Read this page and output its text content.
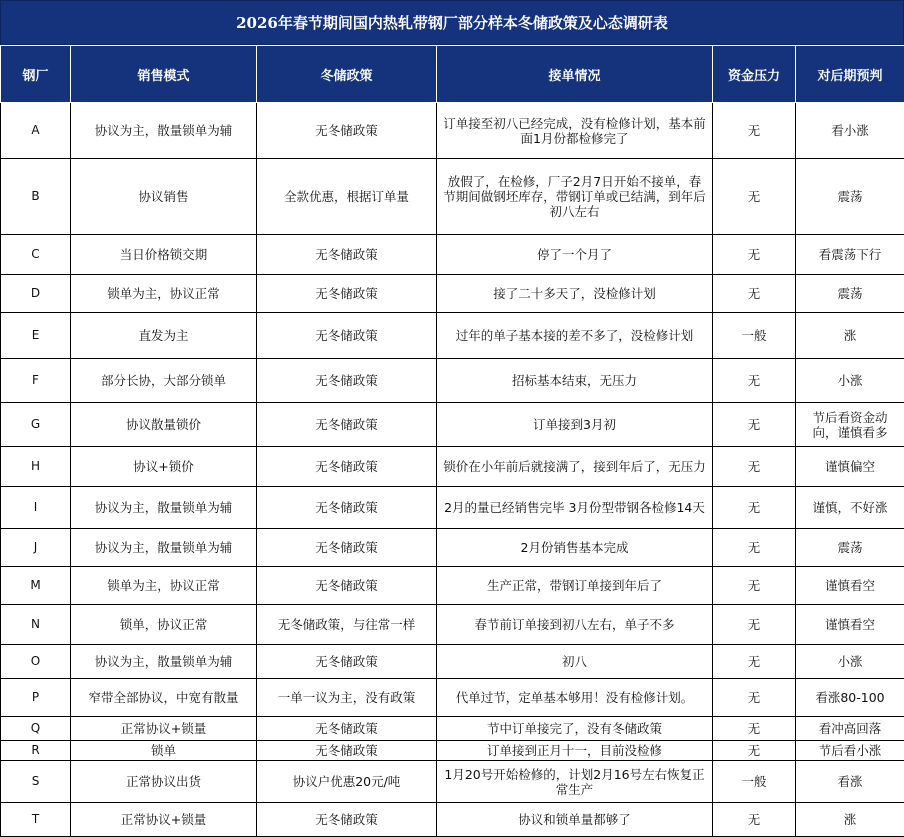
2026年春节期间国内热轧带钢厂部分样本冬储政策及心态调研表
钢厂	销售模式	冬储政策	接单情况	资金压力	对后期预判
A	协议为主，散量锁单为辅	无冬储政策	订单接至初八已经完成，没有检修计划，基本前面1月份都检修完了	无	看小涨
B	协议销售	全款优惠，根据订单量	放假了，在检修，厂子2月7日开始不接单，春节期间做钢坯库存，带钢订单或已结满，到年后初八左右	无	震荡
C	当日价格锁交期	无冬储政策	停了一个月了	无	看震荡下行
D	锁单为主，协议正常	无冬储政策	接了二十多天了，没检修计划	无	震荡
E	直发为主	无冬储政策	过年的单子基本接的差不多了，没检修计划	一般	涨
F	部分长协，大部分锁单	无冬储政策	招标基本结束，无压力	无	小涨
G	协议散量锁价	无冬储政策	订单接到3月初	无	节后看资金动向，谨慎看多
H	协议+锁价	无冬储政策	锁价在小年前后就接满了，接到年后了，无压力	无	谨慎偏空
I	协议为主，散量锁单为辅	无冬储政策	2月的量已经销售完毕 3月份型带钢各检修14天	无	谨慎，不好涨
J	协议为主，散量锁单为辅	无冬储政策	2月份销售基本完成	无	震荡
M	锁单为主，协议正常	无冬储政策	生产正常，带钢订单接到年后了	无	谨慎看空
N	锁单，协议正常	无冬储政策，与往常一样	春节前订单接到初八左右，单子不多	无	谨慎看空
O	协议为主，散量锁单为辅	无冬储政策	初八	无	小涨
P	窄带全部协议，中宽有散量	一单一议为主，没有政策	代单过节，定单基本够用！没有检修计划。	无	看涨80-100
Q	正常协议+锁量	无冬储政策	节中订单接完了，没有冬储政策	无	看冲高回落
R	锁单	无冬储政策	订单接到正月十一，目前没检修	无	节后看小涨
S	正常协议出货	协议户优惠20元/吨	1月20号开始检修的，计划2月16号左右恢复正常生产	一般	看涨
T	正常协议+锁量	无冬储政策	协议和锁单量都够了	无	涨
